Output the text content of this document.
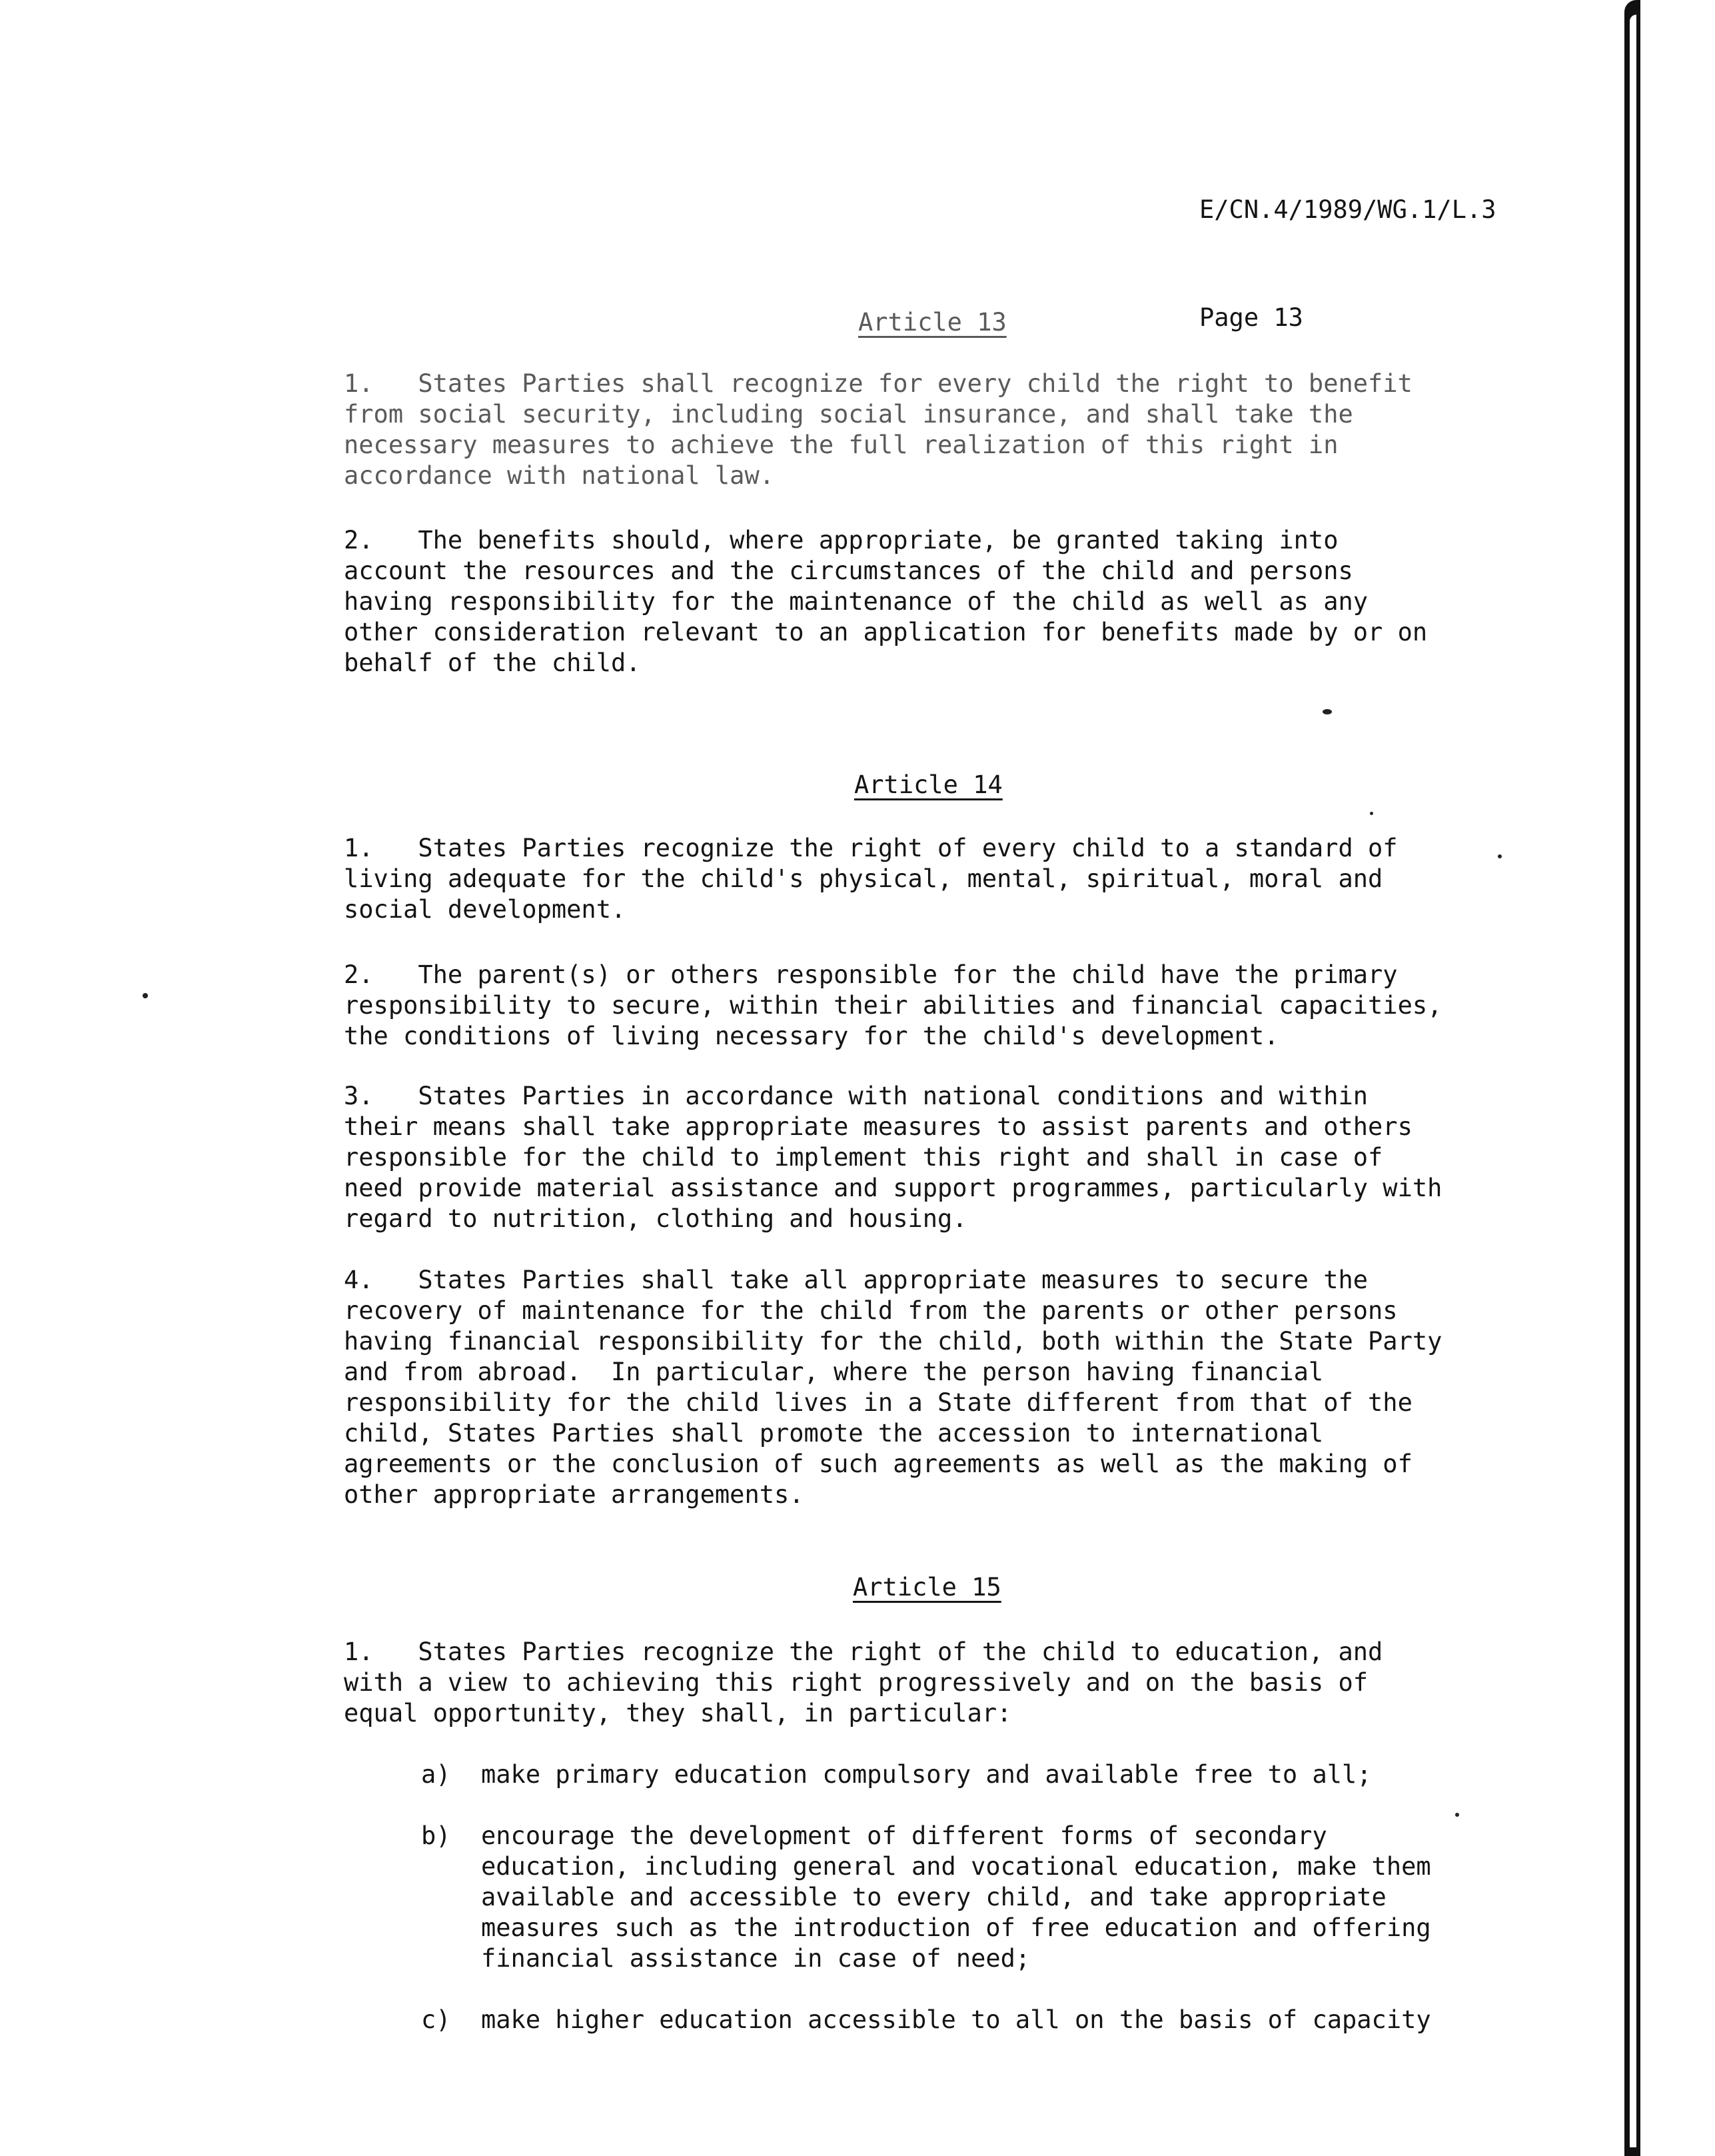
E/CN.4/1989/WG.1/L.3

Page 13

Article 13
1.   States Parties shall recognize for every child the right to benefit
from social security, including social insurance, and shall take the
necessary measures to achieve the full realization of this right in
accordance with national law.
2.   The benefits should, where appropriate, be granted taking into
account the resources and the circumstances of the child and persons
having responsibility for the maintenance of the child as well as any
other consideration relevant to an application for benefits made by or on
behalf of the child.
Article 14
1.   States Parties recognize the right of every child to a standard of
living adequate for the child's physical, mental, spiritual, moral and
social development.
2.   The parent(s) or others responsible for the child have the primary
responsibility to secure, within their abilities and financial capacities,
the conditions of living necessary for the child's development.
3.   States Parties in accordance with national conditions and within
their means shall take appropriate measures to assist parents and others
responsible for the child to implement this right and shall in case of
need provide material assistance and support programmes, particularly with
regard to nutrition, clothing and housing.
4.   States Parties shall take all appropriate measures to secure the
recovery of maintenance for the child from the parents or other persons
having financial responsibility for the child, both within the State Party
and from abroad.  In particular, where the person having financial
responsibility for the child lives in a State different from that of the
child, States Parties shall promote the accession to international
agreements or the conclusion of such agreements as well as the making of
other appropriate arrangements.
Article 15
1.   States Parties recognize the right of the child to education, and
with a view to achieving this right progressively and on the basis of
equal opportunity, they shall, in particular:
a) make primary education compulsory and available free to all;
b) encourage the development of different forms of secondary
education, including general and vocational education, make them
available and accessible to every child, and take appropriate
measures such as the introduction of free education and offering
financial assistance in case of need;
c) make higher education accessible to all on the basis of capacity
